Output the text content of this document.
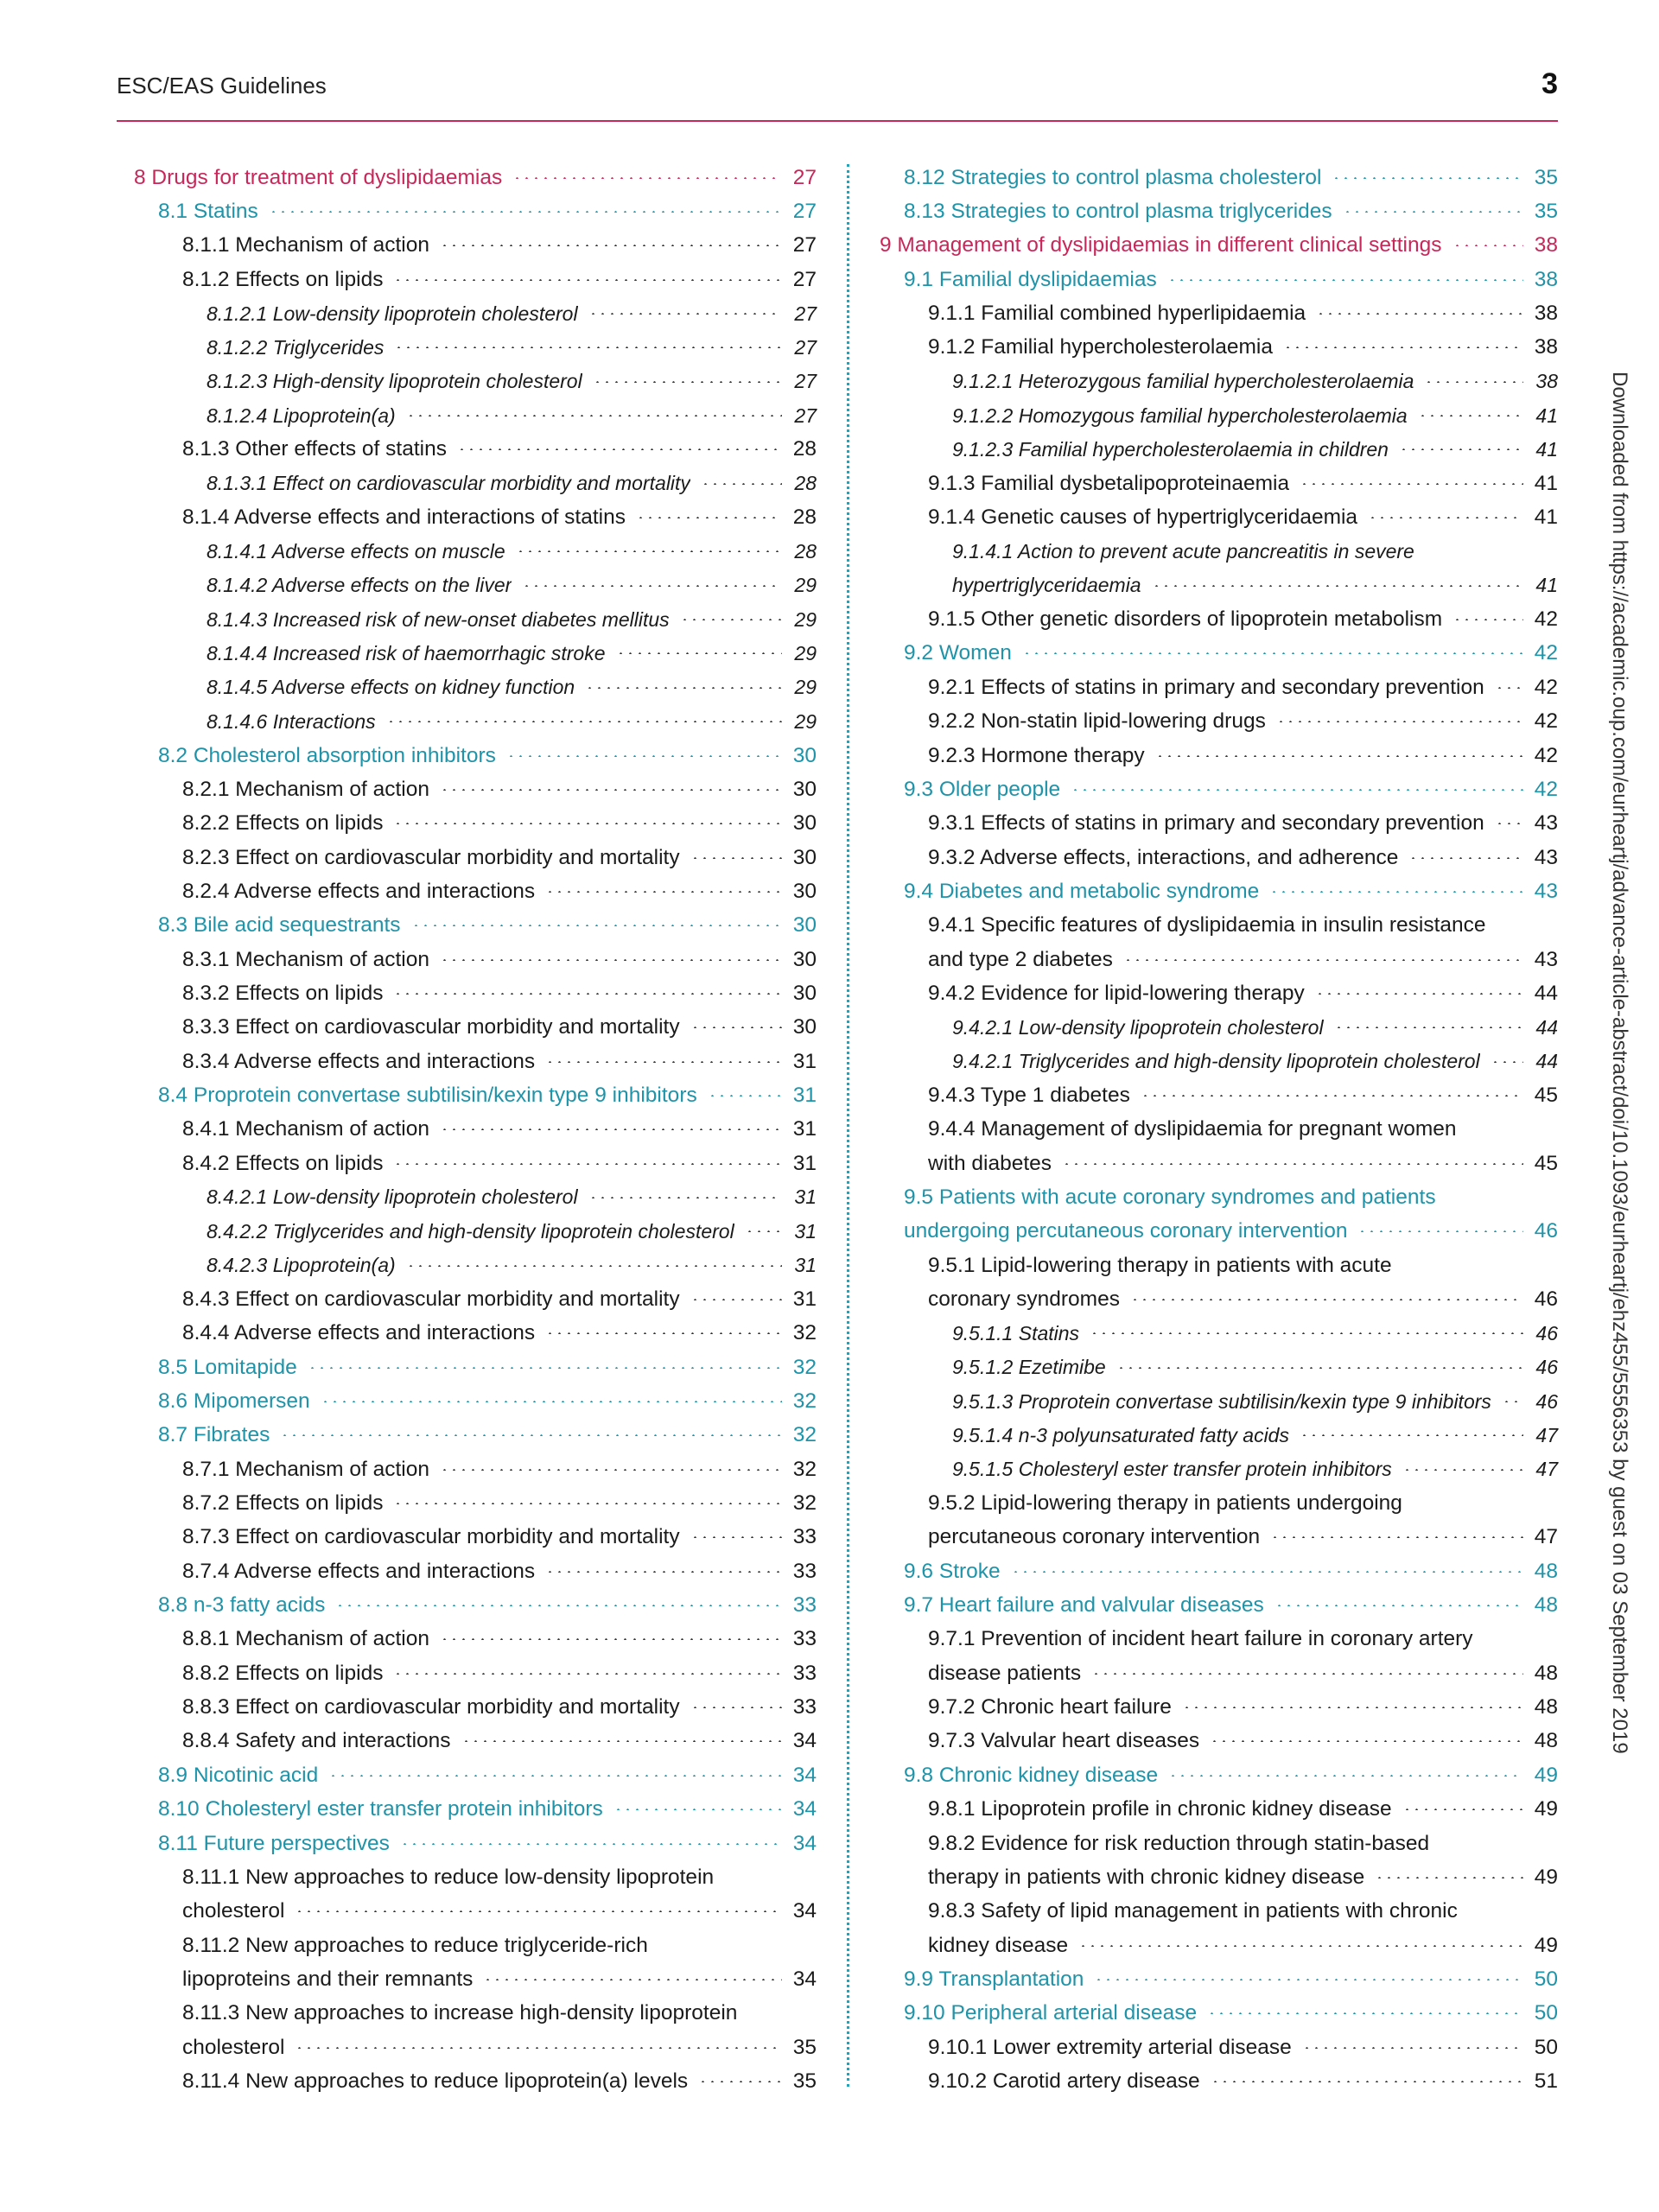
ESC/EAS Guidelines	3
8 Drugs for treatment of dyslipidaemias	27
8.1 Statins	27
8.1.1 Mechanism of action	27
8.1.2 Effects on lipids	27
8.1.2.1 Low-density lipoprotein cholesterol	27
8.1.2.2 Triglycerides	27
8.1.2.3 High-density lipoprotein cholesterol	27
8.1.2.4 Lipoprotein(a)	27
8.1.3 Other effects of statins	28
8.1.3.1 Effect on cardiovascular morbidity and mortality	28
8.1.4 Adverse effects and interactions of statins	28
8.1.4.1 Adverse effects on muscle	28
8.1.4.2 Adverse effects on the liver	29
8.1.4.3 Increased risk of new-onset diabetes mellitus	29
8.1.4.4 Increased risk of haemorrhagic stroke	29
8.1.4.5 Adverse effects on kidney function	29
8.1.4.6 Interactions	29
8.2 Cholesterol absorption inhibitors	30
8.2.1 Mechanism of action	30
8.2.2 Effects on lipids	30
8.2.3 Effect on cardiovascular morbidity and mortality	30
8.2.4 Adverse effects and interactions	30
8.3 Bile acid sequestrants	30
8.3.1 Mechanism of action	30
8.3.2 Effects on lipids	30
8.3.3 Effect on cardiovascular morbidity and mortality	30
8.3.4 Adverse effects and interactions	31
8.4 Proprotein convertase subtilisin/kexin type 9 inhibitors	31
8.4.1 Mechanism of action	31
8.4.2 Effects on lipids	31
8.4.2.1 Low-density lipoprotein cholesterol	31
8.4.2.2 Triglycerides and high-density lipoprotein cholesterol	31
8.4.2.3 Lipoprotein(a)	31
8.4.3 Effect on cardiovascular morbidity and mortality	31
8.4.4 Adverse effects and interactions	32
8.5 Lomitapide	32
8.6 Mipomersen	32
8.7 Fibrates	32
8.7.1 Mechanism of action	32
8.7.2 Effects on lipids	32
8.7.3 Effect on cardiovascular morbidity and mortality	33
8.7.4 Adverse effects and interactions	33
8.8 n-3 fatty acids	33
8.8.1 Mechanism of action	33
8.8.2 Effects on lipids	33
8.8.3 Effect on cardiovascular morbidity and mortality	33
8.8.4 Safety and interactions	34
8.9 Nicotinic acid	34
8.10 Cholesteryl ester transfer protein inhibitors	34
8.11 Future perspectives	34
8.11.1 New approaches to reduce low-density lipoprotein
cholesterol	34
8.11.2 New approaches to reduce triglyceride-rich
lipoproteins and their remnants	34
8.11.3 New approaches to increase high-density lipoprotein
cholesterol	35
8.11.4 New approaches to reduce lipoprotein(a) levels	35
8.12 Strategies to control plasma cholesterol	35
8.13 Strategies to control plasma triglycerides	35
9 Management of dyslipidaemias in different clinical settings	38
9.1 Familial dyslipidaemias	38
9.1.1 Familial combined hyperlipidaemia	38
9.1.2 Familial hypercholesterolaemia	38
9.1.2.1 Heterozygous familial hypercholesterolaemia	38
9.1.2.2 Homozygous familial hypercholesterolaemia	41
9.1.2.3 Familial hypercholesterolaemia in children	41
9.1.3 Familial dysbetalipoproteinaemia	41
9.1.4 Genetic causes of hypertriglyceridaemia	41
9.1.4.1 Action to prevent acute pancreatitis in severe
hypertriglyceridaemia	41
9.1.5 Other genetic disorders of lipoprotein metabolism	42
9.2 Women	42
9.2.1 Effects of statins in primary and secondary prevention 42
9.2.2 Non-statin lipid-lowering drugs	42
9.2.3 Hormone therapy	42
9.3 Older people	42
9.3.1 Effects of statins in primary and secondary prevention 43
9.3.2 Adverse effects, interactions, and adherence	43
9.4 Diabetes and metabolic syndrome	43
9.4.1 Specific features of dyslipidaemia in insulin resistance
and type 2 diabetes	43
9.4.2 Evidence for lipid-lowering therapy	44
9.4.2.1 Low-density lipoprotein cholesterol	44
9.4.2.1 Triglycerides and high-density lipoprotein cholesterol	44
9.4.3 Type 1 diabetes	45
9.4.4 Management of dyslipidaemia for pregnant women
with diabetes	45
9.5 Patients with acute coronary syndromes and patients
undergoing percutaneous coronary intervention	46
9.5.1 Lipid-lowering therapy in patients with acute
coronary syndromes	46
9.5.1.1 Statins	46
9.5.1.2 Ezetimibe	46
9.5.1.3 Proprotein convertase subtilisin/kexin type 9 inhibitors 46
9.5.1.4 n-3 polyunsaturated fatty acids	47
9.5.1.5 Cholesteryl ester transfer protein inhibitors	47
9.5.2 Lipid-lowering therapy in patients undergoing
percutaneous coronary intervention	47
9.6 Stroke	48
9.7 Heart failure and valvular diseases	48
9.7.1 Prevention of incident heart failure in coronary artery
disease patients	48
9.7.2 Chronic heart failure	48
9.7.3 Valvular heart diseases	48
9.8 Chronic kidney disease	49
9.8.1 Lipoprotein profile in chronic kidney disease	49
9.8.2 Evidence for risk reduction through statin-based
therapy in patients with chronic kidney disease	49
9.8.3 Safety of lipid management in patients with chronic
kidney disease	49
9.9 Transplantation	50
9.10 Peripheral arterial disease	50
9.10.1 Lower extremity arterial disease	50
9.10.2 Carotid artery disease	51
Downloaded from https://academic.oup.com/eurheartj/advance-article-abstract/doi/10.1093/eurheartj/ehz455/5556353 by guest on 03 September 2019
